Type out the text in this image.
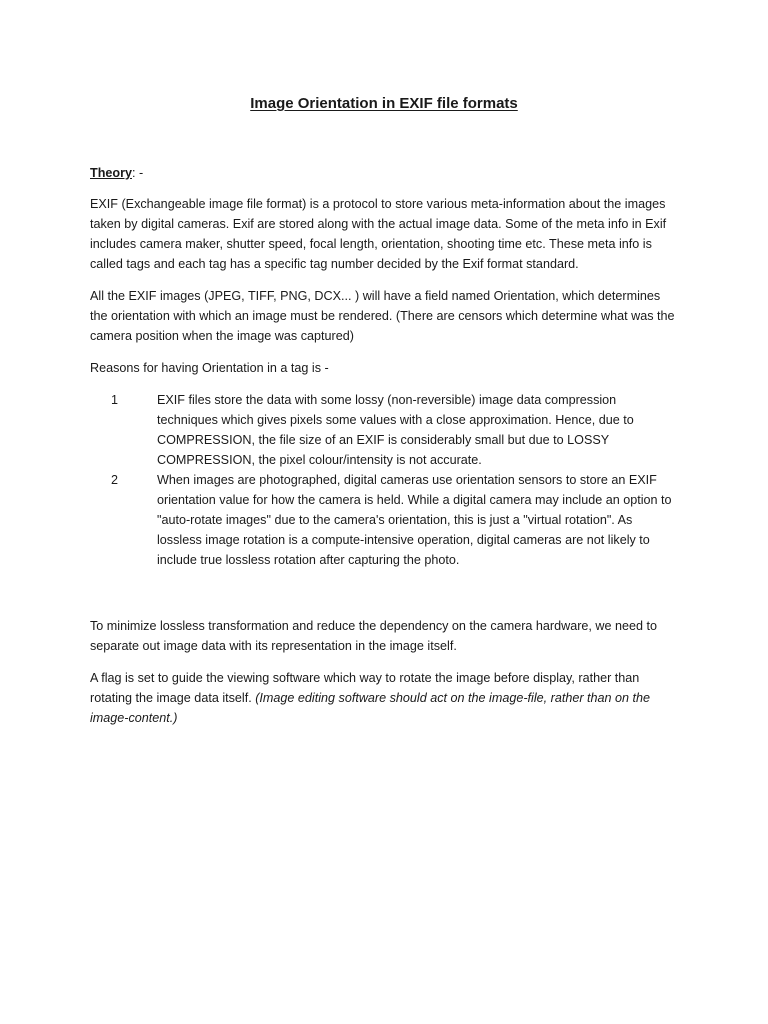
Image Orientation in EXIF file formats

Theory: -

EXIF (Exchangeable image file format) is a protocol to store various meta-information about the images taken by digital cameras. Exif are stored along with the actual image data. Some of the meta info in Exif includes camera maker, shutter speed, focal length, orientation, shooting time etc. These meta info is called tags and each tag has a specific tag number decided by the Exif format standard.

All the EXIF images (JPEG, TIFF, PNG, DCX... ) will have a field named Orientation, which determines the orientation with which an image must be rendered. (There are censors which determine what was the camera position when the image was captured)

Reasons for having Orientation in a tag is -

1	EXIF files store the data with some lossy (non-reversible) image data compression techniques which gives pixels some values with a close approximation. Hence, due to COMPRESSION, the file size of an EXIF is considerably small but due to LOSSY COMPRESSION, the pixel colour/intensity is not accurate.
2	When images are photographed, digital cameras use orientation sensors to store an EXIF orientation value for how the camera is held. While a digital camera may include an option to "auto-rotate images" due to the camera's orientation, this is just a "virtual rotation". As lossless image rotation is a compute-intensive operation, digital cameras are not likely to include true lossless rotation after capturing the photo.

To minimize lossless transformation and reduce the dependency on the camera hardware, we need to separate out image data with its representation in the image itself.

A flag is set to guide the viewing software which way to rotate the image before display, rather than rotating the image data itself. (Image editing software should act on the image-file, rather than on the image-content.)
